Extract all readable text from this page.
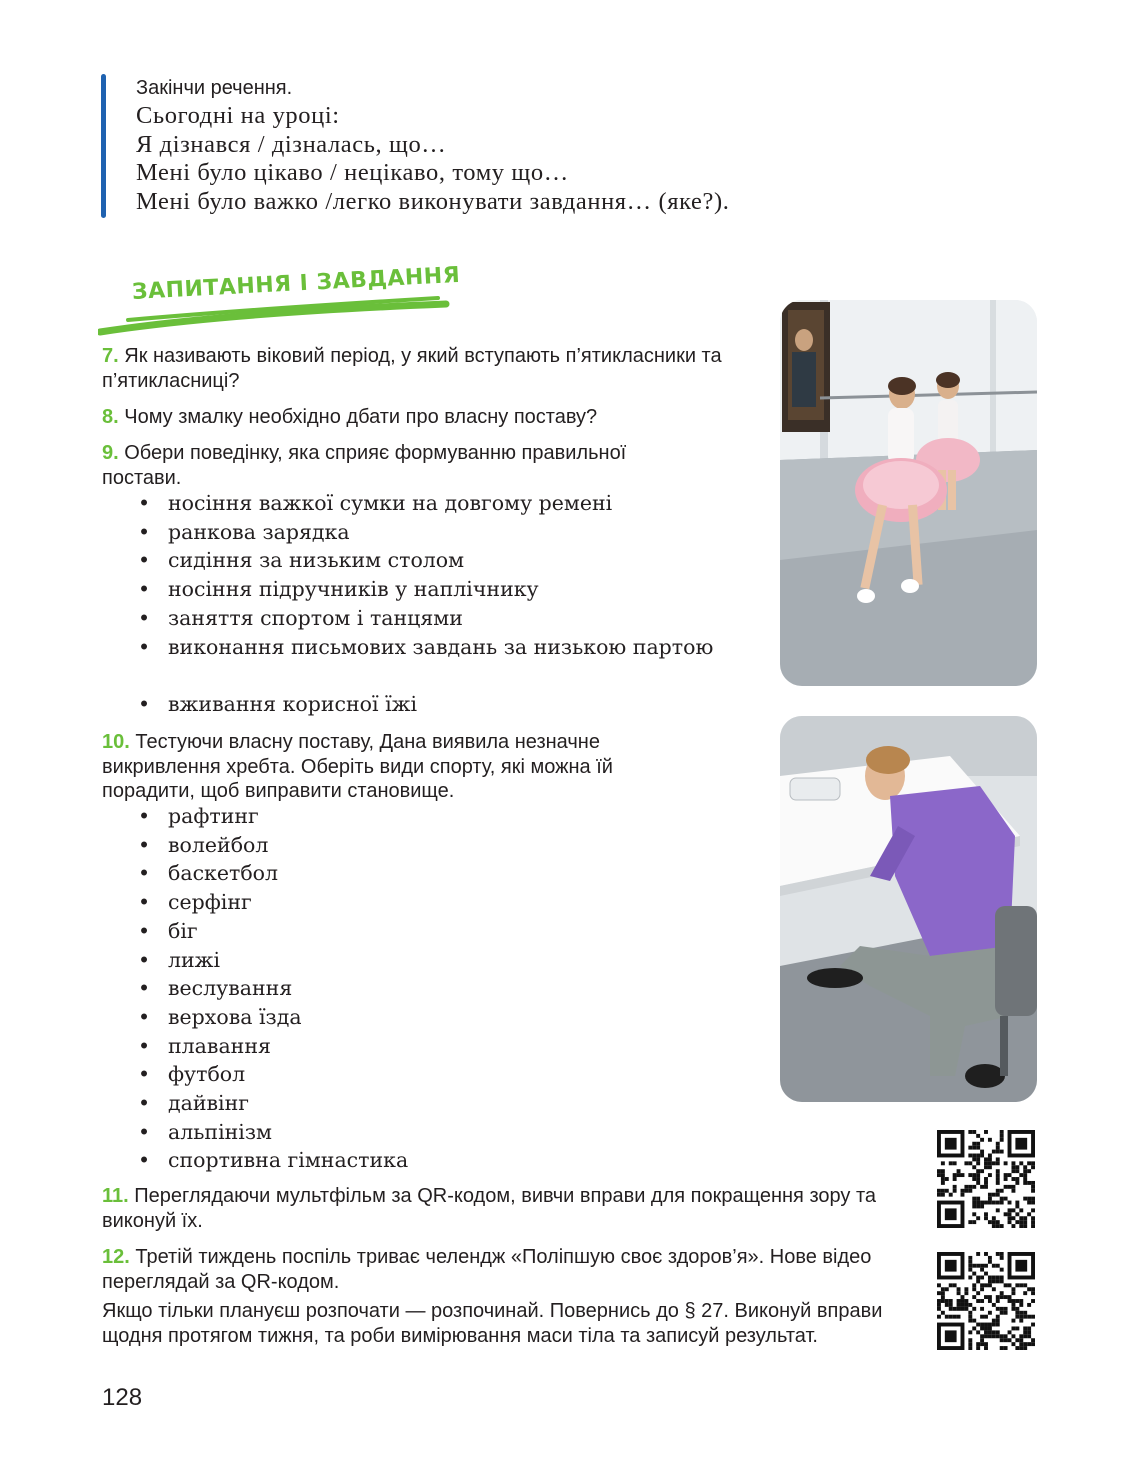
Закінчи речення.
Сьогодні на уроці:
Я дізнався / дізналась, що…
Мені було цікаво / нецікаво, тому що…
Мені було важко /легко виконувати завдання… (яке?).
ЗАПИТАННЯ І ЗАВДАННЯ
7. Як називають віковий період, у який вступають п’ятикласники та п’ятикласниці?
8. Чому змалку необхідно дбати про власну поставу?
9. Обери поведінку, яка сприяє формуванню правильної постави.
• носіння важкої сумки на довгому ремені
• ранкова зарядка
• сидіння за низьким столом
• носіння підручників у наплічнику
• заняття спортом і танцями
• виконання письмових завдань за низькою партою
• вживання корисної їжі
10. Тестуючи власну поставу, Дана виявила незначне викривлення хребта. Оберіть види спорту, які можна їй порадити, щоб виправити становище.
• рафтинг
• волейбол
• баскетбол
• серфінг
• біг
• лижі
• веслування
• верхова їзда
• плавання
• футбол
• дайвінг
• альпінізм
• спортивна гімнастика
11. Переглядаючи мультфільм за QR-кодом, вивчи вправи для покращення зору та виконуй їх.
12. Третій тиждень поспіль триває челендж «Поліпшую своє здоров’я». Нове відео переглядай за QR-кодом.
Якщо тільки плануєш розпочати — розпочинай. Повернись до § 27. Виконуй вправи щодня протягом тижня, та роби вимірювання маси тіла та записуй результат.
128
